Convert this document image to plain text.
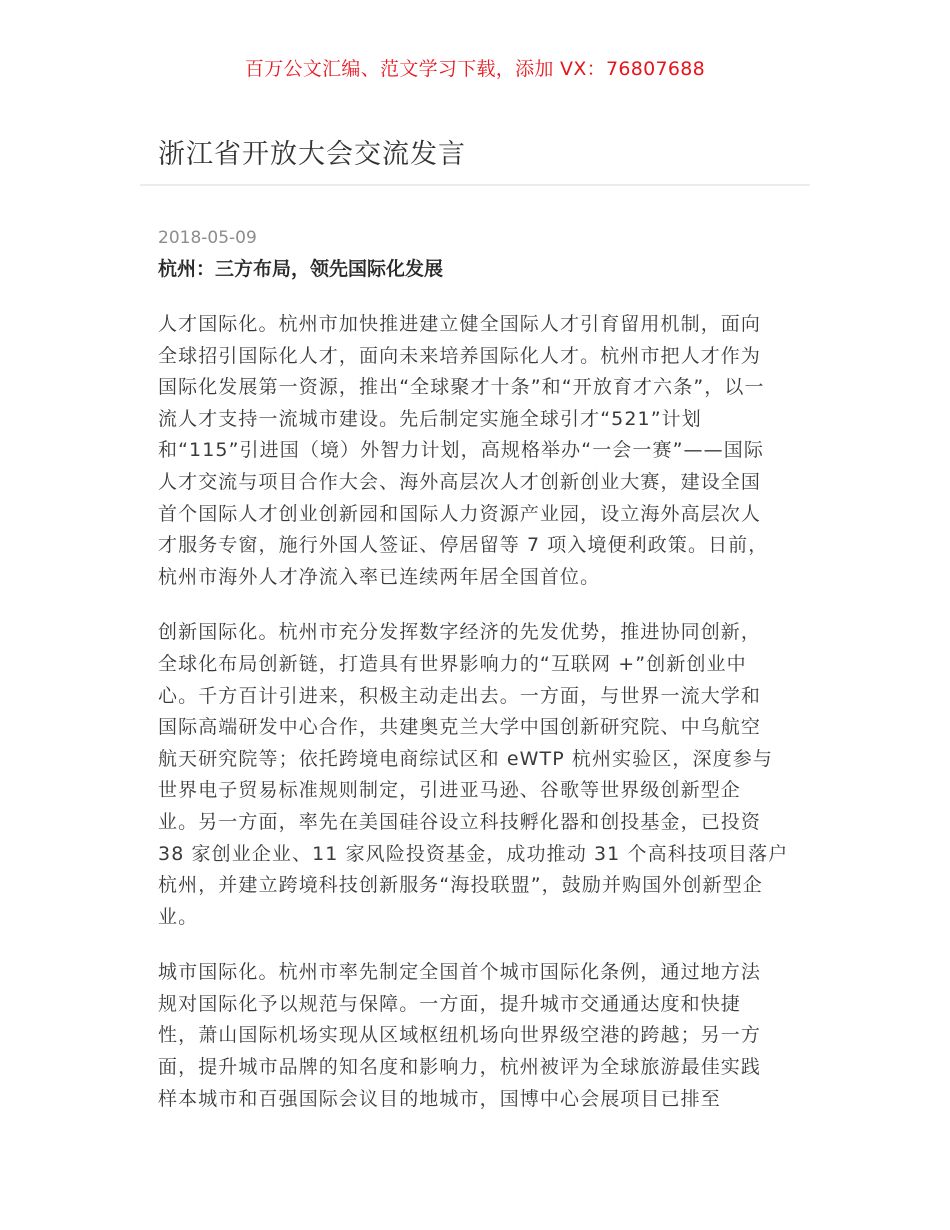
百万公文汇编、范文学习下载，添加 VX：76807688
浙江省开放大会交流发言
2018-05-09
杭州：三方布局，领先国际化发展

人才国际化。杭州市加快推进建立健全国际人才引育留用机制，面向
全球招引国际化人才，面向未来培养国际化人才。杭州市把人才作为
国际化发展第一资源，推出“全球聚才十条”和“开放育才六条”，以一
流人才支持一流城市建设。先后制定实施全球引才“521”计划
和“115”引进国（境）外智力计划，高规格举办“一会一赛”——国际
人才交流与项目合作大会、海外高层次人才创新创业大赛，建设全国
首个国际人才创业创新园和国际人力资源产业园，设立海外高层次人
才服务专窗，施行外国人签证、停居留等 7 项入境便利政策。日前，
杭州市海外人才净流入率已连续两年居全国首位。

创新国际化。杭州市充分发挥数字经济的先发优势，推进协同创新，
全球化布局创新链，打造具有世界影响力的“互联网 +”创新创业中
心。千方百计引进来，积极主动走出去。一方面，与世界一流大学和
国际高端研发中心合作，共建奥克兰大学中国创新研究院、中乌航空
航天研究院等；依托跨境电商综试区和 eWTP 杭州实验区，深度参与
世界电子贸易标准规则制定，引进亚马逊、谷歌等世界级创新型企
业。另一方面，率先在美国硅谷设立科技孵化器和创投基金，已投资
38 家创业企业、11 家风险投资基金，成功推动 31 个高科技项目落户
杭州，并建立跨境科技创新服务“海投联盟”，鼓励并购国外创新型企
业。

城市国际化。杭州市率先制定全国首个城市国际化条例，通过地方法
规对国际化予以规范与保障。一方面，提升城市交通通达度和快捷
性，萧山国际机场实现从区域枢纽机场向世界级空港的跨越；另一方
面，提升城市品牌的知名度和影响力，杭州被评为全球旅游最佳实践
样本城市和百强国际会议目的地城市，国博中心会展项目已排至
